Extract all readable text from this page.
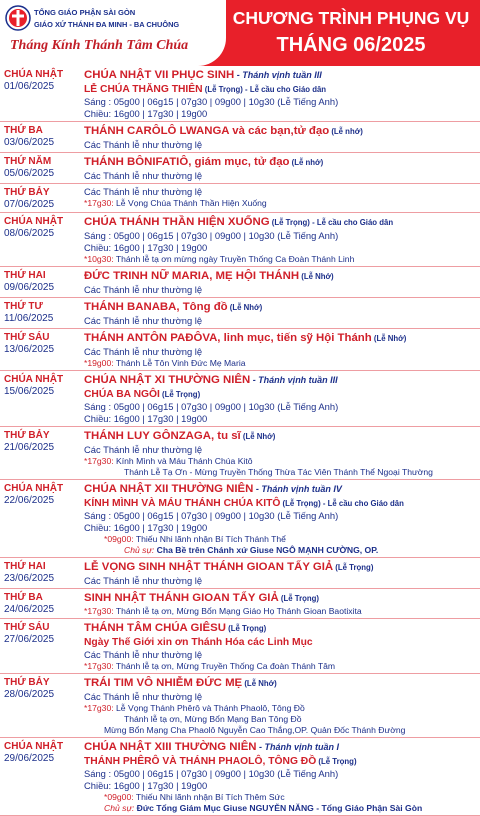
TỔNG GIÁO PHẬN SÀI GÒN
GIÁO XỨ THÁNH ĐA MINH - BA CHUÔNG
Tháng Kính Thánh Tâm Chúa
CHƯƠNG TRÌNH PHỤNG VỤ
THÁNG 06/2025
CHÚA NHẬT
01/06/2025
CHÚA NHẬT VII PHỤC SINH - Thánh vịnh tuần III
LỄ CHÚA THĂNG THIÊN (Lễ Trọng) - Lễ cầu cho Giáo dân
Sáng : 05g00 | 06g15 | 07g30 | 09g00 | 10g30 (Lễ Tiếng Anh)
Chiều: 16g00 | 17g30 | 19g00
THỨ BA
03/06/2025
THÁNH CARÔLÔ LWANGA và các bạn,tử đạo (Lễ nhớ)
Các Thánh lễ như thường lệ
THỨ NĂM
05/06/2025
THÁNH BÔNIFATIÔ, giám mục, tử đạo (Lễ nhớ)
Các Thánh lễ như thường lệ
THỨ BẢY
07/06/2025
Các Thánh lễ như thường lệ
*17g30: Lễ Vọng Chúa Thánh Thần Hiện Xuống
CHÚA NHẬT
08/06/2025
CHÚA THÁNH THẦN HIỆN XUỐNG (Lễ Trọng) - Lễ cầu cho Giáo dân
Sáng : 05g00 | 06g15 | 07g30 | 09g00 | 10g30 (Lễ Tiếng Anh)
Chiều: 16g00 | 17g30 | 19g00
*10g30: Thánh lễ tạ ơn mừng ngày Truyền Thống Ca Đoàn Thánh Linh
THỨ HAI
09/06/2025
ĐỨC TRINH NỮ MARIA, MẸ HỘI THÁNH (Lễ Nhớ)
Các Thánh lễ như thường lệ
THỨ TƯ
11/06/2025
THÁNH BANABA, Tông đồ (Lễ Nhớ)
Các Thánh lễ như thường lệ
THỨ SÁU
13/06/2025
THÁNH ANTÔN PAĐÔVA, linh mục, tiến sỹ Hội Thánh (Lễ Nhớ)
Các Thánh lễ như thường lệ
*19g00: Thánh Lễ Tôn Vinh Đức Mẹ Maria
CHÚA NHẬT
15/06/2025
CHÚA NHẬT XI THƯỜNG NIÊN - Thánh vịnh tuần III
CHÚA BA NGÔI (Lễ Trọng)
Sáng : 05g00 | 06g15 | 07g30 | 09g00 | 10g30 (Lễ Tiếng Anh)
Chiều: 16g00 | 17g30 | 19g00
THỨ BẢY
21/06/2025
THÁNH LUY GÔNZAGA, tu sĩ (Lễ Nhớ)
Các Thánh lễ như thường lệ
*17g30: Kính Mình và Máu Thánh Chúa Kitô
Thánh Lễ Tạ Ơn - Mừng Truyền Thống Thừa Tác Viên Thánh Thể Ngoại Thường
CHÚA NHẬT
22/06/2025
CHÚA NHẬT XII THƯỜNG NIÊN - Thánh vịnh tuần IV
KÍNH MÌNH VÀ MÁU THÁNH CHÚA KITÔ (Lễ Trọng) - Lễ cầu cho Giáo dân
Sáng : 05g00 | 06g15 | 07g30 | 09g00 | 10g30 (Lễ Tiếng Anh)
Chiều: 16g00 | 17g30 | 19g00
*09g00: Thiếu Nhi lãnh nhận Bí Tích Thánh Thể
Chủ sự: Cha Bề trên Chánh xứ Giuse NGÔ MẠNH CƯỜNG, OP.
THỨ HAI
23/06/2025
LỄ VỌNG SINH NHẬT THÁNH GIOAN TẨY GIẢ (Lễ Trọng)
Các Thánh lễ như thường lệ
THỨ BA
24/06/2025
SINH NHẬT THÁNH GIOAN TẨY GIẢ (Lễ Trọng)
*17g30: Thánh lễ tạ ơn, Mừng Bổn Mạng Giáo Họ Thánh Gioan Baotixita
THỨ SÁU
27/06/2025
THÁNH TÂM CHÚA GIÊSU (Lễ Trọng)
Ngày Thế Giới xin ơn Thánh Hóa các Linh Mục
Các Thánh lễ như thường lệ
*17g30: Thánh lễ tạ ơn, Mừng Truyền Thống Ca đoàn Thánh Tâm
THỨ BẢY
28/06/2025
TRÁI TIM VÔ NHIỄM ĐỨC MẸ (Lễ Nhớ)
Các Thánh lễ như thường lệ
*17g30: Lễ Vọng Thánh Phêrô và Thánh Phaolô, Tông Đồ
Thánh lễ tạ ơn, Mừng Bổn Mạng Ban Tông Đồ
Mừng Bổn Mạng Cha Phaolô Nguyễn Cao Thắng,OP. Quản Đốc Thánh Đường
CHÚA NHẬT
29/06/2025
CHÚA NHẬT XIII THƯỜNG NIÊN - Thánh vịnh tuần I
THÁNH PHÊRÔ VÀ THÁNH PHAOLÔ, TÔNG ĐỒ (Lễ Trọng)
Sáng : 05g00 | 06g15 | 07g30 | 09g00 | 10g30 (Lễ Tiếng Anh)
Chiều: 16g00 | 17g30 | 19g00
*09g00: Thiếu Nhi lãnh nhận Bí Tích Thêm Sức
Chủ sự: Đức Tổng Giám Mục Giuse NGUYỄN NĂNG - Tổng Giáo Phận Sài Gòn
